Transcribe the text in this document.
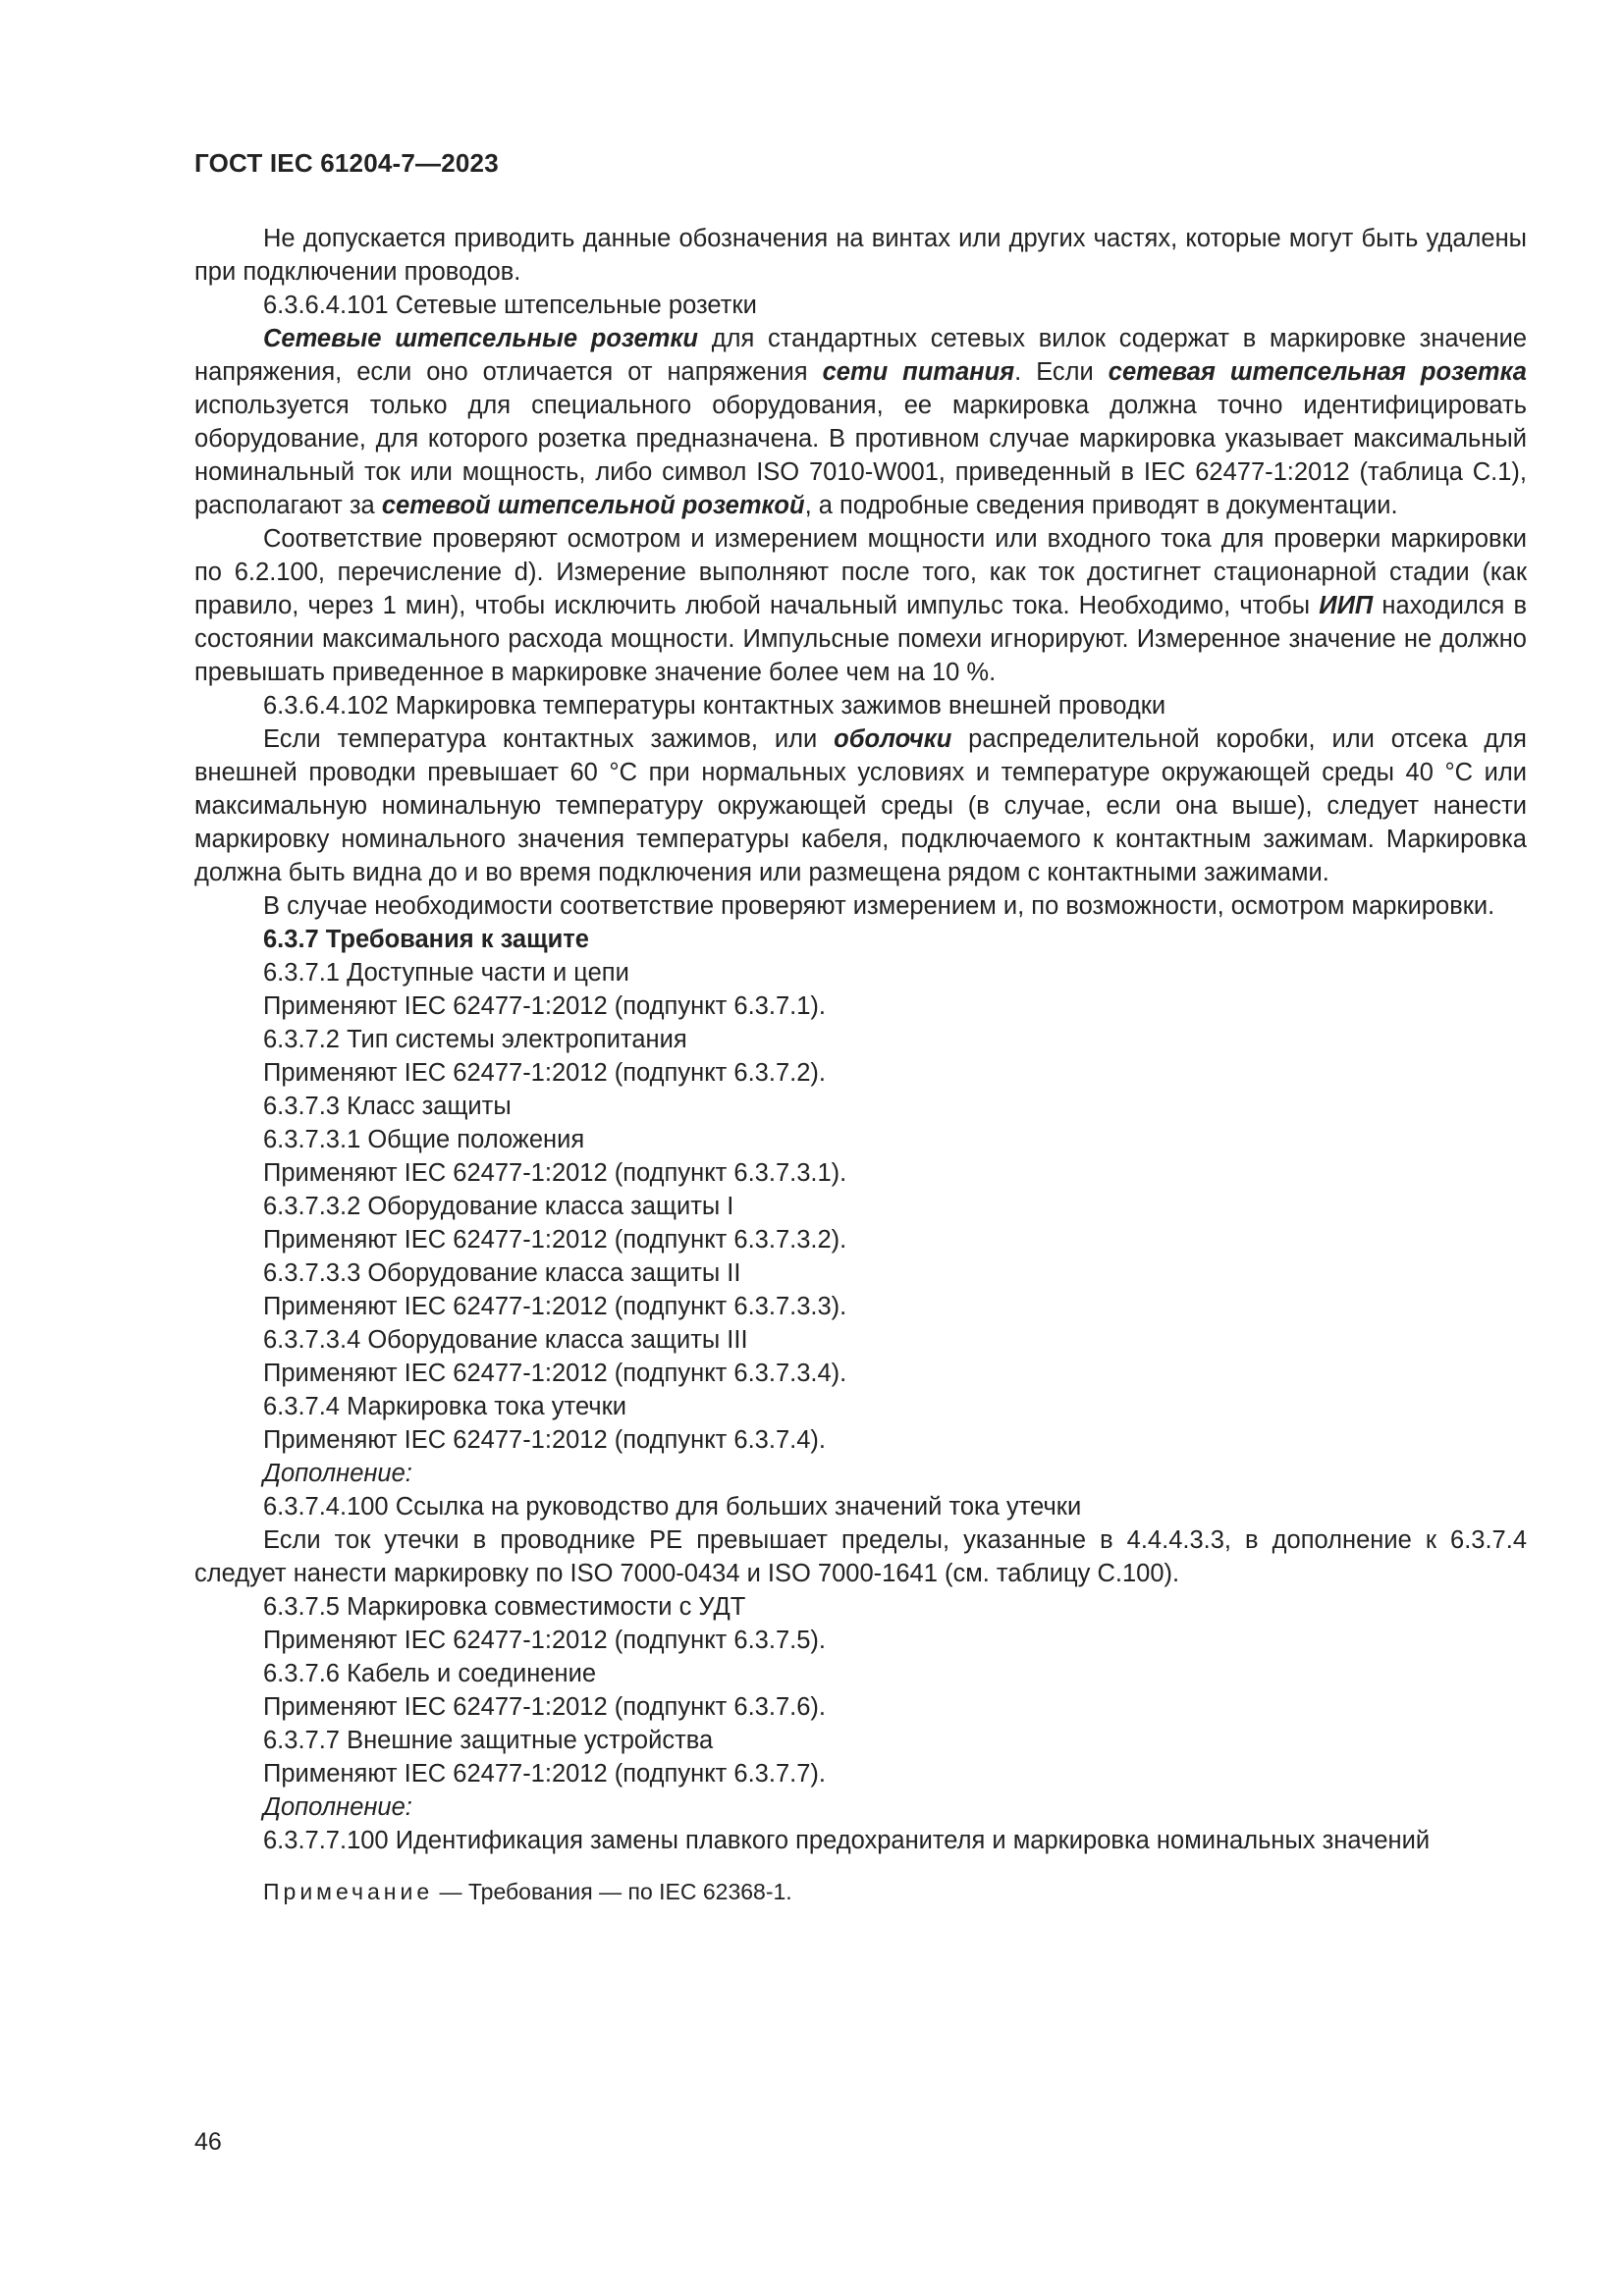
ГОСТ IEC 61204-7—2023

Не допускается приводить данные обозначения на винтах или других частях, которые могут быть удалены при подключении проводов.

6.3.6.4.101 Сетевые штепсельные розетки

Сетевые штепсельные розетки для стандартных сетевых вилок содержат в маркировке значение напряжения, если оно отличается от напряжения сети питания. Если сетевая штепсельная розетка используется только для специального оборудования, ее маркировка должна точно идентифицировать оборудование, для которого розетка предназначена. В противном случае маркировка указывает максимальный номинальный ток или мощность, либо символ ISO 7010-W001, приведенный в IEC 62477-1:2012 (таблица С.1), располагают за сетевой штепсельной розеткой, а подробные сведения приводят в документации.

Соответствие проверяют осмотром и измерением мощности или входного тока для проверки маркировки по 6.2.100, перечисление d). Измерение выполняют после того, как ток достигнет стационарной стадии (как правило, через 1 мин), чтобы исключить любой начальный импульс тока. Необходимо, чтобы ИИП находился в состоянии максимального расхода мощности. Импульсные помехи игнорируют. Измеренное значение не должно превышать приведенное в маркировке значение более чем на 10 %.

6.3.6.4.102 Маркировка температуры контактных зажимов внешней проводки

Если температура контактных зажимов, или оболочки распределительной коробки, или отсека для внешней проводки превышает 60 °С при нормальных условиях и температуре окружающей среды 40 °С или максимальную номинальную температуру окружающей среды (в случае, если она выше), следует нанести маркировку номинального значения температуры кабеля, подключаемого к контактным зажимам. Маркировка должна быть видна до и во время подключения или размещена рядом с контактными зажимами.

В случае необходимости соответствие проверяют измерением и, по возможности, осмотром маркировки.

6.3.7 Требования к защите

6.3.7.1 Доступные части и цепи

Применяют IEC 62477-1:2012 (подпункт 6.3.7.1).

6.3.7.2 Тип системы электропитания

Применяют IEC 62477-1:2012 (подпункт 6.3.7.2).

6.3.7.3 Класс защиты

6.3.7.3.1 Общие положения

Применяют IEC 62477-1:2012 (подпункт 6.3.7.3.1).

6.3.7.3.2 Оборудование класса защиты I

Применяют IEC 62477-1:2012 (подпункт 6.3.7.3.2).

6.3.7.3.3 Оборудование класса защиты II

Применяют IEC 62477-1:2012 (подпункт 6.3.7.3.3).

6.3.7.3.4 Оборудование класса защиты III

Применяют IEC 62477-1:2012 (подпункт 6.3.7.3.4).

6.3.7.4 Маркировка тока утечки

Применяют IEC 62477-1:2012 (подпункт 6.3.7.4).

Дополнение:

6.3.7.4.100 Ссылка на руководство для больших значений тока утечки

Если ток утечки в проводнике РЕ превышает пределы, указанные в 4.4.4.3.3, в дополнение к 6.3.7.4 следует нанести маркировку по ISO 7000-0434 и ISO 7000-1641 (см. таблицу С.100).

6.3.7.5 Маркировка совместимости с УДТ

Применяют IEC 62477-1:2012 (подпункт 6.3.7.5).

6.3.7.6 Кабель и соединение

Применяют IEC 62477-1:2012 (подпункт 6.3.7.6).

6.3.7.7 Внешние защитные устройства

Применяют IEC 62477-1:2012 (подпункт 6.3.7.7).

Дополнение:

6.3.7.7.100 Идентификация замены плавкого предохранителя и маркировка номинальных значений

Примечание — Требования — по IEC 62368-1.

46
